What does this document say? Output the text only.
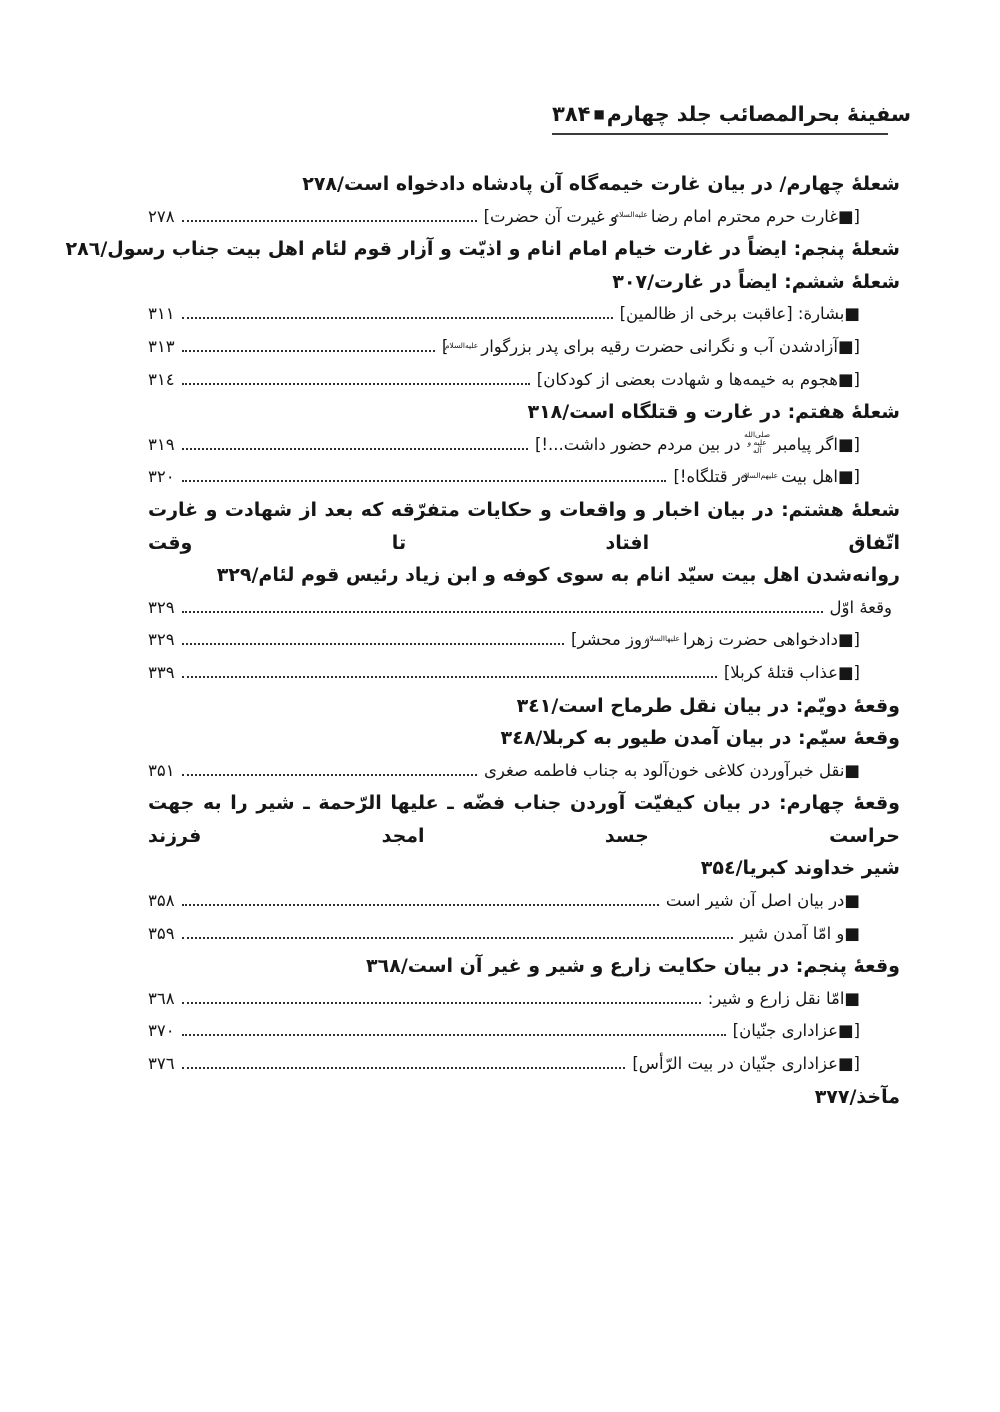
۳۸۴ ■ سفینهٔ بحرالمصائب جلد چهارم
شعلهٔ چهارم/ در بیان غارت خیمه‌گاه آن پادشاه دادخواه است/۲۷۸
[■غارت حرم محترم امام رضاعلیه‌السلامو غیرت آن حضرت]
۲۷۸
شعلهٔ پنجم: ایضاً در غارت خیام امام انام و اذیّت و آزار قوم لئام اهل بیت جناب رسول/۲۸٦
شعلهٔ ششم: ایضاً در غارت/۳۰۷
■بشارة: [عاقبت برخی از ظالمین]
۳۱۱
[■آزادشدن آب و نگرانی حضرت رقیه برای پدر بزرگوارعلیه‌السلام]
۳۱۳
[■هجوم به خیمه‌ها و شهادت بعضی از کودکان]
۳۱٤
شعلهٔ هفتم: در غارت و قتلگاه است/۳۱۸
[■اگر پیامبرصلی‌الله علیه و آلهدر بین مردم حضور داشت...!]
۳۱۹
[■اهل بیتعلیهم‌السلامدر قتلگاه!]
۳۲۰
شعلهٔ هشتم: در بیان اخبار و واقعات و حکایات متفرّقه که بعد از شهادت و غارت اتّفاق افتاد تا وقت
روانه‌شدن اهل بیت سیّد انام به سوی کوفه و ابن زیاد رئیس قوم لئام/۳۲۹
وقعهٔ اوّل
۳۲۹
[■دادخواهی حضرت زهراعلیهاالسلامروز محشر]
۳۲۹
[■عذاب قتلهٔ کربلا]
۳۳۹
وقعهٔ دویّم: در بیان نقل طرماح است/۳٤۱
وقعهٔ سیّم: در بیان آمدن طیور به کربلا/۳٤۸
■نقل خبرآوردن کلاغی خون‌آلود به جناب فاطمه صغری
۳۵۱
وقعهٔ چهارم: در بیان کیفیّت آوردن جناب فضّه ـ علیها الرّحمة ـ شیر را به جهت حراست جسد امجد فرزند
شیر خداوند کبریا/۳۵٤
■در بیان اصل آن شیر است
۳۵۸
■و امّا آمدن شیر
۳۵۹
وقعهٔ پنجم: در بیان حکایت زارع و شیر و غیر آن است/۳٦۸
■امّا نقل زارع و شیر:
۳٦۸
[■عزاداری جنّیان]
۳۷۰
[■عزاداری جنّیان در بیت الرّأس]
۳۷٦
مآخذ/۳۷۷
